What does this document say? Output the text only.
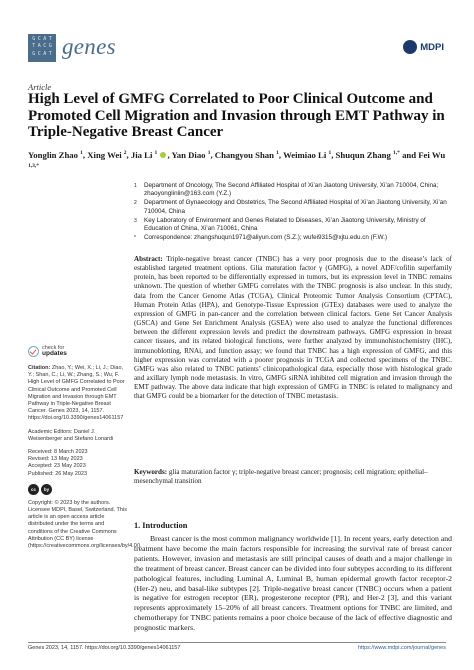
G C A T
T A C G
G C A T genes	MDPI
Article
High Level of GMFG Correlated to Poor Clinical Outcome and Promoted Cell Migration and Invasion through EMT Pathway in Triple-Negative Breast Cancer
Yonglin Zhao $^1$, Xing Wei $^2$, Jia Li $^1$ , Yan Diao $^1$, Changyou Shan $^1$, Weimiao Li $^1$, Shuqun Zhang $^{1,*}$ and Fei Wu $^{1,3,*}$
1	Department of Oncology, The Second Affiliated Hospital of Xi’an Jiaotong University, Xi’an 710004, China; zhaoyonglinlin@163.com (Y.Z.)
2	Department of Gynaecology and Obstetrics, The Second Affiliated Hospital of Xi’an Jiaotong University, Xi’an 710004, China
3	Key Laboratory of Environment and Genes Related to Diseases, Xi’an Jiaotong University, Ministry of Education of China, Xi’an 710061, China
*	Correspondence: zhangshuqun1971@aliyun.com (S.Z.); wufei9315@xjtu.edu.cn (F.W.)
Abstract: Triple-negative breast cancer (TNBC) has a very poor prognosis due to the disease’s lack of established targeted treatment options. Glia maturation factor γ (GMFG), a novel ADF/cofilin superfamily protein, has been reported to be differentially expressed in tumors, but its expression level in TNBC remains unknown. The question of whether GMFG correlates with the TNBC prognosis is also unclear. In this study, data from the Cancer Genome Atlas (TCGA), Clinical Proteomic Tumor Analysis Consortium (CPTAC), Human Protein Atlas (HPA), and Genotype-Tissue Expression (GTEx) databases were used to analyze the expression of GMFG in pan-cancer and the correlation between clinical factors. Gene Set Cancer Analysis (GSCA) and Gene Set Enrichment Analysis (GSEA) were also used to analyze the functional differences between the different expression levels and predict the downstream pathways. GMFG expression in breast cancer tissues, and its related biological functions, were further analyzed by immunohistochemistry (IHC), immunoblotting, RNAi, and function assay; we found that TNBC has a high expression of GMFG, and this higher expression was correlated with a poorer prognosis in TCGA and collected specimens of the TNBC. GMFG was also related to TNBC patients’ clinicopathological data, especially those with histological grade and axillary lymph node metastasis. In vitro, GMFG siRNA inhibited cell migration and invasion through the EMT pathway. The above data indicate that high expression of GMFG in TNBC is related to malignancy and that GMFG could be a biomarker for the detection of TNBC metastasis.
Keywords: glia maturation factor γ; triple-negative breast cancer; prognosis; cell migration; epithelial–mesenchymal transition
check for
updates
Citation: Zhao, Y.; Wei, X.; Li, J.; Diao, Y.; Shan, C.; Li, W.; Zhang, S.; Wu, F. High Level of GMFG Correlated to Poor Clinical Outcome and Promoted Cell Migration and Invasion through EMT Pathway in Triple-Negative Breast Cancer. Genes 2023, 14, 1157. https://doi.org/10.3390/genes14061157
Academic Editors: Daniel J. Weisenberger and Stefano Lonardi
Received: 8 March 2023
Revised: 13 May 2023
Accepted: 23 May 2023
Published: 26 May 2023
cc	by
Copyright: © 2023 by the authors. Licensee MDPI, Basel, Switzerland. This article is an open access article distributed under the terms and conditions of the Creative Commons Attribution (CC BY) license (https://creativecommons.org/licenses/by/4.0/).
1. Introduction
Breast cancer is the most common malignancy worldwide [1]. In recent years, early detection and treatment have become the main factors responsible for increasing the survival rate of breast cancer patients. However, invasion and metastasis are still principal causes of death and a major challenge in the treatment of breast cancer. Breast cancer can be divided into four subtypes according to its different pathological features, including Luminal A, Luminal B, human epidermal growth factor receptor-2 (Her-2) neu, and basal-like subtypes [2]. Triple-negative breast cancer (TNBC) occurs when a patient is negative for estrogen receptor (ER), progesterone receptor (PR), and Her-2 [3], and this variant represents approximately 15–20% of all breast cancers. Treatment options for TNBC are limited, and chemotherapy for TNBC patients remains a poor choice because of the lack of effective diagnostic and prognostic markers.
Genes 2023, 14, 1157. https://doi.org/10.3390/genes14061157	https://www.mdpi.com/journal/genes
